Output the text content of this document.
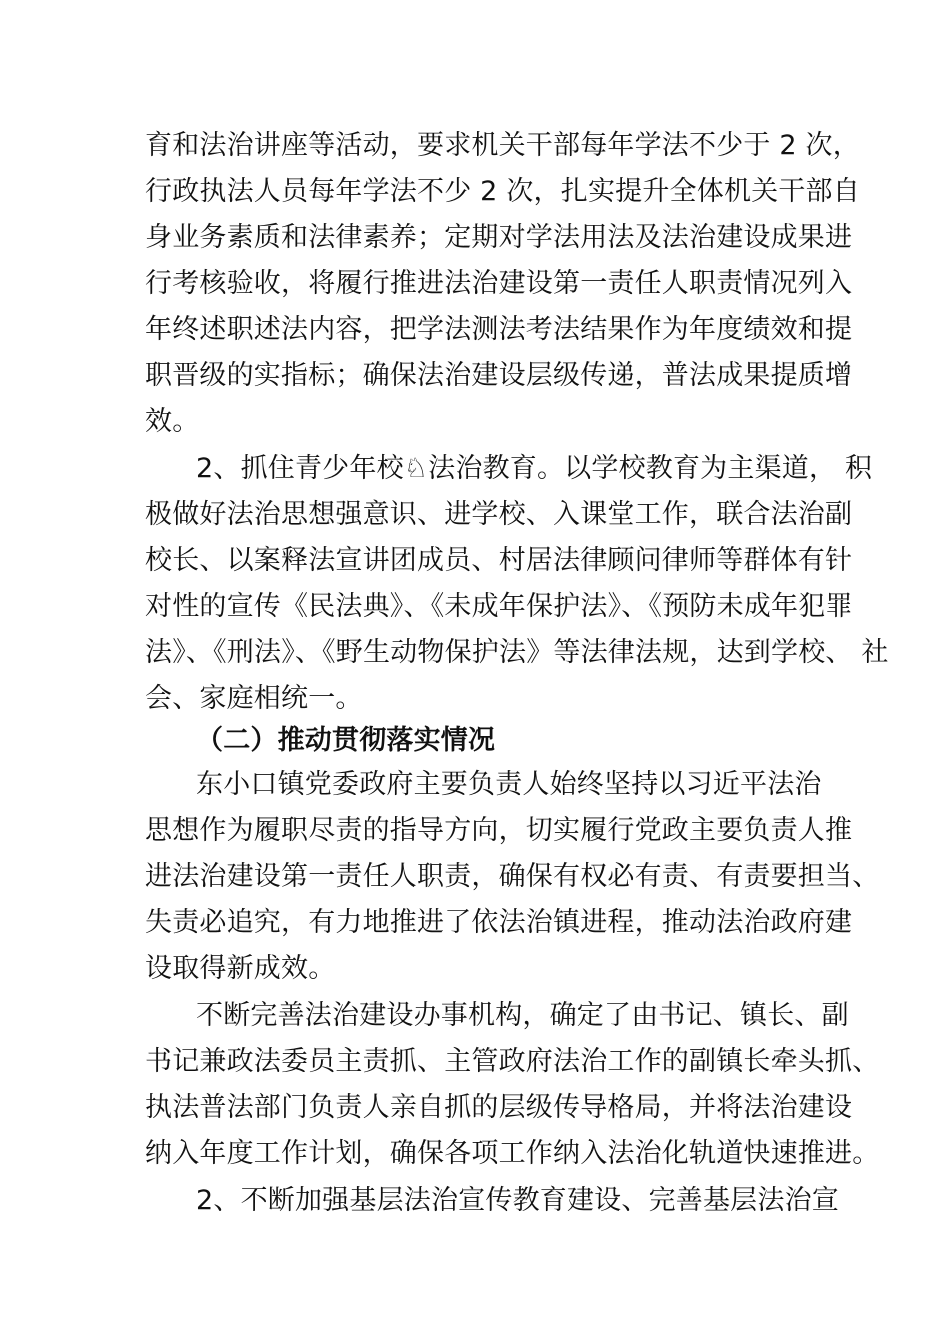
育和法治讲座等活动，要求机关干部每年学法不少于 2 次，
行政执法人员每年学法不少 2 次，扎实提升全体机关干部自
身业务素质和法律素养；定期对学法用法及法治建设成果进
行考核验收，将履行推进法治建设第一责任人职责情况列入
年终述职述法内容，把学法测法考法结果作为年度绩效和提
职晋级的实指标；确保法治建设层级传递，普法成果提质增
效。
2、抓住青少年校♘法治教育。以学校教育为主渠道， 积
极做好法治思想强意识、进学校、入课堂工作，联合法治副
校长、以案释法宣讲团成员、村居法律顾问律师等群体有针
对性的宣传《民法典》、《未成年保护法》、《预防未成年犯罪
法》、《刑法》、《野生动物保护法》等法律法规，达到学校、 社
会、家庭相统一。
（二）推动贯彻落实情况
东小口镇党委政府主要负责人始终坚持以习近平法治
思想作为履职尽责的指导方向，切实履行党政主要负责人推
进法治建设第一责任人职责，确保有权必有责、有责要担当、
失责必追究，有力地推进了依法治镇进程，推动法治政府建
设取得新成效。
不断完善法治建设办事机构，确定了由书记、镇长、副
书记兼政法委员主责抓、主管政府法治工作的副镇长牵头抓、
执法普法部门负责人亲自抓的层级传导格局，并将法治建设
纳入年度工作计划，确保各项工作纳入法治化轨道快速推进。
2、不断加强基层法治宣传教育建设、完善基层法治宣
